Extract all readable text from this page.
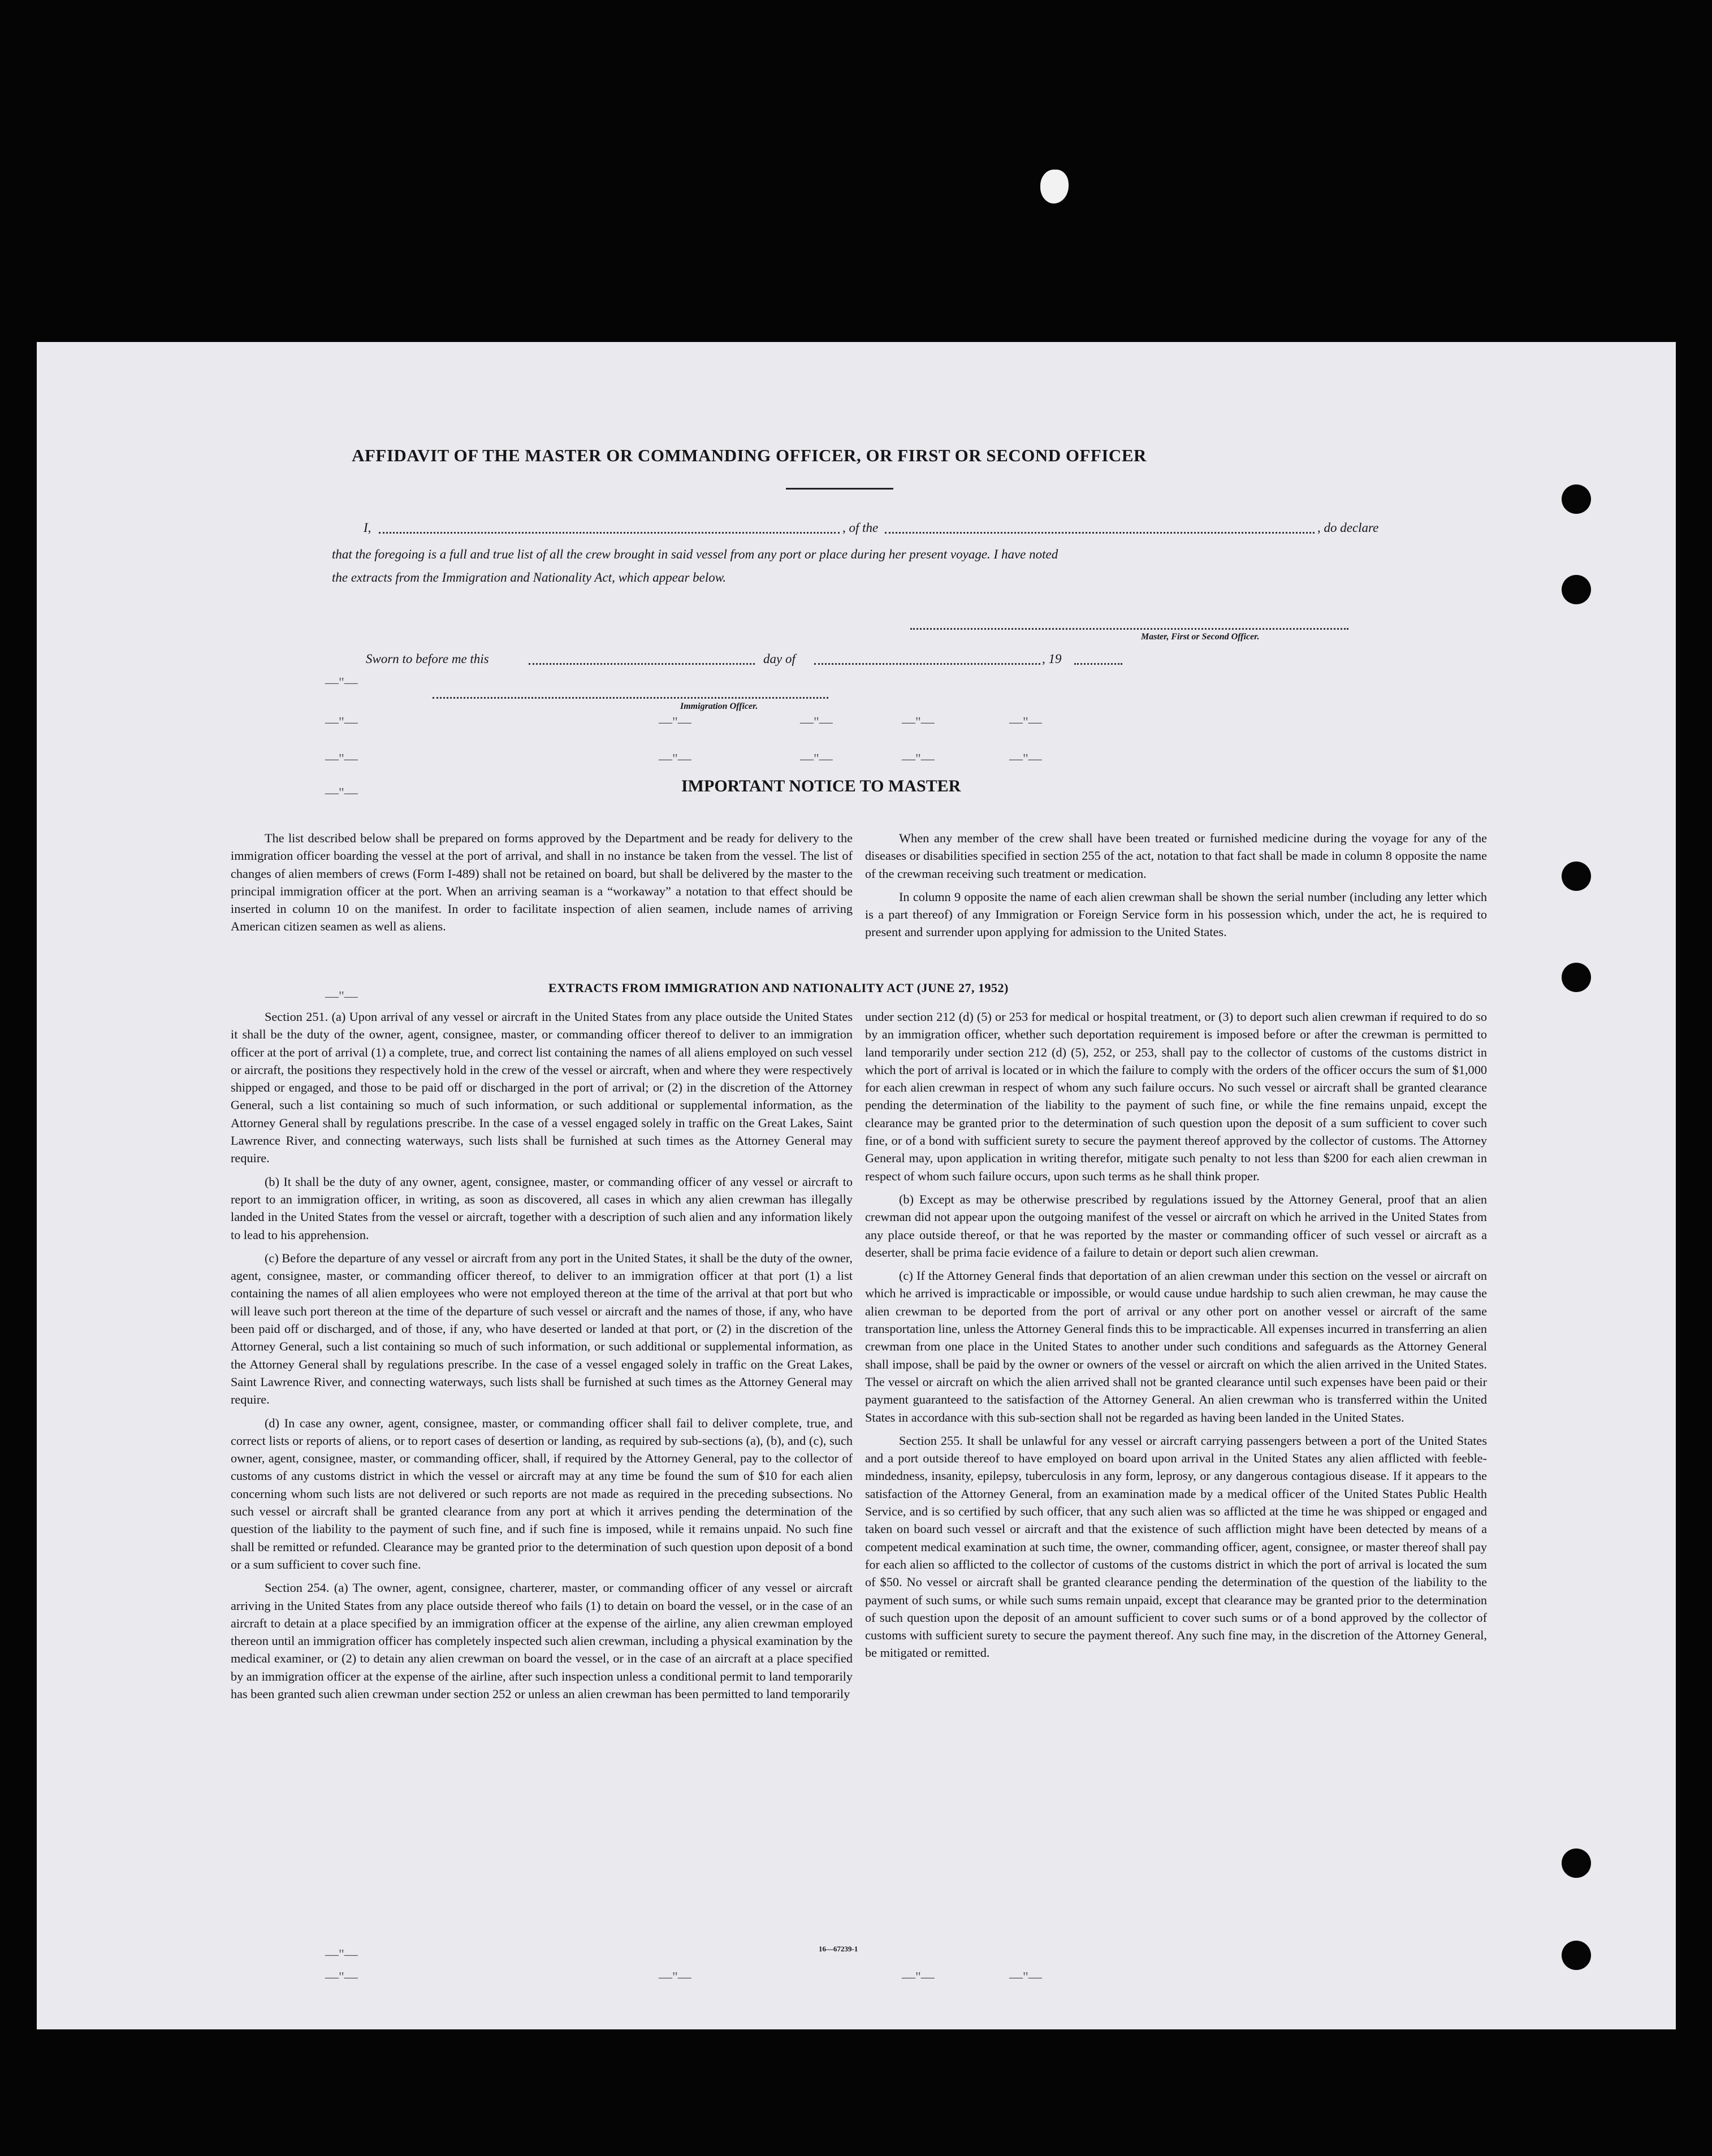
AFFIDAVIT OF THE MASTER OR COMMANDING OFFICER, OR FIRST OR SECOND OFFICER
I,	, of the	, do declare
that the foregoing is a full and true list of all the crew brought in said vessel from any port or place during her present voyage. I have noted
the extracts from the Immigration and Nationality Act, which appear below.
Master, First or Second Officer.
Sworn to before me this	day of	, 19
Immigration Officer.
—"—
—"—
—"—
—"—
—"—	—"—	—"—	—"—
—"—	—"—	—"—	—"—
—"—
—"—
—"—	—"—	—"—	—"—
IMPORTANT NOTICE TO MASTER

The list described below shall be prepared on forms approved by the Department and be ready for delivery to the immigration officer boarding the vessel at the port of arrival, and shall in no instance be taken from the vessel. The list of changes of alien members of crews (Form I-489) shall not be retained on board, but shall be delivered by the master to the principal immigration officer at the port. When an arriving seaman is a “workaway” a notation to that effect should be inserted in column 10 on the manifest. In order to facilitate inspection of alien seamen, include names of arriving American citizen seamen as well as aliens.

When any member of the crew shall have been treated or furnished medicine during the voyage for any of the diseases or disabilities specified in section 255 of the act, notation to that fact shall be made in column 8 opposite the name of the crewman receiving such treatment or medication.

In column 9 opposite the name of each alien crewman shall be shown the serial number (including any letter which is a part thereof) of any Immigration or Foreign Service form in his possession which, under the act, he is required to present and surrender upon applying for admission to the United States.

EXTRACTS FROM IMMIGRATION AND NATIONALITY ACT (JUNE 27, 1952)

Section 251. (a) Upon arrival of any vessel or aircraft in the United States from any place outside the United States it shall be the duty of the owner, agent, consignee, master, or commanding officer thereof to deliver to an immigration officer at the port of arrival (1) a complete, true, and correct list containing the names of all aliens employed on such vessel or aircraft, the positions they respectively hold in the crew of the vessel or aircraft, when and where they were respectively shipped or engaged, and those to be paid off or discharged in the port of arrival; or (2) in the discretion of the Attorney General, such a list containing so much of such information, or such additional or supplemental information, as the Attorney General shall by regulations prescribe. In the case of a vessel engaged solely in traffic on the Great Lakes, Saint Lawrence River, and connecting waterways, such lists shall be furnished at such times as the Attorney General may require.

(b) It shall be the duty of any owner, agent, consignee, master, or commanding officer of any vessel or aircraft to report to an immigration officer, in writing, as soon as discovered, all cases in which any alien crewman has illegally landed in the United States from the vessel or aircraft, together with a description of such alien and any information likely to lead to his apprehension.

(c) Before the departure of any vessel or aircraft from any port in the United States, it shall be the duty of the owner, agent, consignee, master, or commanding officer thereof, to deliver to an immigration officer at that port (1) a list containing the names of all alien employees who were not employed thereon at the time of the arrival at that port but who will leave such port thereon at the time of the departure of such vessel or aircraft and the names of those, if any, who have been paid off or discharged, and of those, if any, who have deserted or landed at that port, or (2) in the discretion of the Attorney General, such a list containing so much of such information, or such additional or supplemental information, as the Attorney General shall by regulations prescribe. In the case of a vessel engaged solely in traffic on the Great Lakes, Saint Lawrence River, and connecting waterways, such lists shall be furnished at such times as the Attorney General may require.

(d) In case any owner, agent, consignee, master, or commanding officer shall fail to deliver complete, true, and correct lists or reports of aliens, or to report cases of desertion or landing, as required by sub-sections (a), (b), and (c), such owner, agent, consignee, master, or commanding officer, shall, if required by the Attorney General, pay to the collector of customs of any customs district in which the vessel or aircraft may at any time be found the sum of $10 for each alien concerning whom such lists are not delivered or such reports are not made as required in the preceding subsections. No such vessel or aircraft shall be granted clearance from any port at which it arrives pending the determination of the question of the liability to the payment of such fine, and if such fine is imposed, while it remains unpaid. No such fine shall be remitted or refunded. Clearance may be granted prior to the determination of such question upon deposit of a bond or a sum sufficient to cover such fine.

Section 254. (a) The owner, agent, consignee, charterer, master, or commanding officer of any vessel or aircraft arriving in the United States from any place outside thereof who fails (1) to detain on board the vessel, or in the case of an aircraft to detain at a place specified by an immigration officer at the expense of the airline, any alien crewman employed thereon until an immigration officer has completely inspected such alien crewman, including a physical examination by the medical examiner, or (2) to detain any alien crewman on board the vessel, or in the case of an aircraft at a place specified by an immigration officer at the expense of the airline, after such inspection unless a conditional permit to land temporarily has been granted such alien crewman under section 252 or unless an alien crewman has been permitted to land temporarily

under section 212 (d) (5) or 253 for medical or hospital treatment, or (3) to deport such alien crewman if required to do so by an immigration officer, whether such deportation requirement is imposed before or after the crewman is permitted to land temporarily under section 212 (d) (5), 252, or 253, shall pay to the collector of customs of the customs district in which the port of arrival is located or in which the failure to comply with the orders of the officer occurs the sum of $1,000 for each alien crewman in respect of whom any such failure occurs. No such vessel or aircraft shall be granted clearance pending the determination of the liability to the payment of such fine, or while the fine remains unpaid, except the clearance may be granted prior to the determination of such question upon the deposit of a sum sufficient to cover such fine, or of a bond with sufficient surety to secure the payment thereof approved by the collector of customs. The Attorney General may, upon application in writing therefor, mitigate such penalty to not less than $200 for each alien crewman in respect of whom such failure occurs, upon such terms as he shall think proper.

(b) Except as may be otherwise prescribed by regulations issued by the Attorney General, proof that an alien crewman did not appear upon the outgoing manifest of the vessel or aircraft on which he arrived in the United States from any place outside thereof, or that he was reported by the master or commanding officer of such vessel or aircraft as a deserter, shall be prima facie evidence of a failure to detain or deport such alien crewman.

(c) If the Attorney General finds that deportation of an alien crewman under this section on the vessel or aircraft on which he arrived is impracticable or impossible, or would cause undue hardship to such alien crewman, he may cause the alien crewman to be deported from the port of arrival or any other port on another vessel or aircraft of the same transportation line, unless the Attorney General finds this to be impracticable. All expenses incurred in transferring an alien crewman from one place in the United States to another under such conditions and safeguards as the Attorney General shall impose, shall be paid by the owner or owners of the vessel or aircraft on which the alien arrived in the United States. The vessel or aircraft on which the alien arrived shall not be granted clearance until such expenses have been paid or their payment guaranteed to the satisfaction of the Attorney General. An alien crewman who is transferred within the United States in accordance with this sub-section shall not be regarded as having been landed in the United States.

Section 255. It shall be unlawful for any vessel or aircraft carrying passengers between a port of the United States and a port outside thereof to have employed on board upon arrival in the United States any alien afflicted with feeble-mindedness, insanity, epilepsy, tuberculosis in any form, leprosy, or any dangerous contagious disease. If it appears to the satisfaction of the Attorney General, from an examination made by a medical officer of the United States Public Health Service, and is so certified by such officer, that any such alien was so afflicted at the time he was shipped or engaged and taken on board such vessel or aircraft and that the existence of such affliction might have been detected by means of a competent medical examination at such time, the owner, commanding officer, agent, consignee, or master thereof shall pay for each alien so afflicted to the collector of customs of the customs district in which the port of arrival is located the sum of $50. No vessel or aircraft shall be granted clearance pending the determination of the question of the liability to the payment of such sums, or while such sums remain unpaid, except that clearance may be granted prior to the determination of such question upon the deposit of an amount sufficient to cover such sums or of a bond approved by the collector of customs with sufficient surety to secure the payment thereof. Any such fine may, in the discretion of the Attorney General, be mitigated or remitted.

16—67239-1
